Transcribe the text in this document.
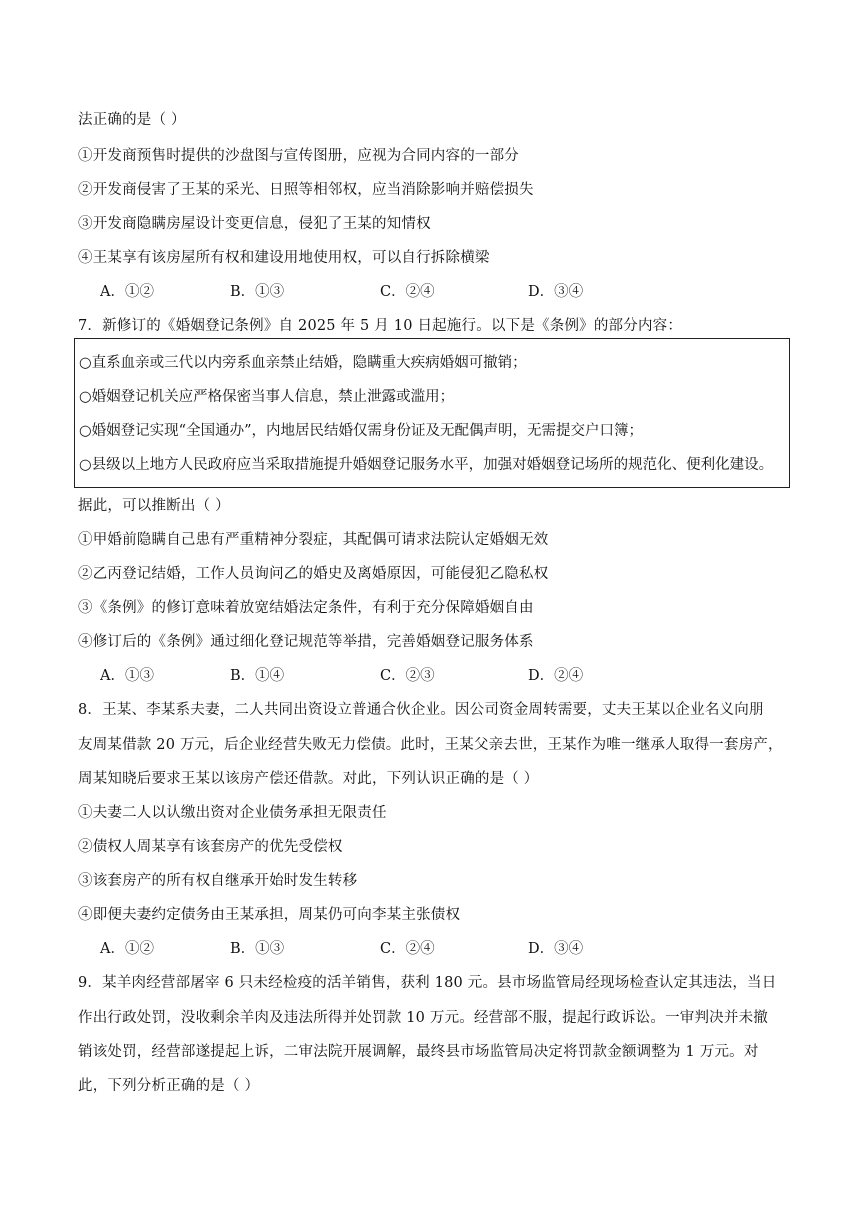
法正确的是（ ）
①开发商预售时提供的沙盘图与宣传图册，应视为合同内容的一部分
②开发商侵害了王某的采光、日照等相邻权，应当消除影响并赔偿损失
③开发商隐瞒房屋设计变更信息，侵犯了王某的知情权
④王某享有该房屋所有权和建设用地使用权，可以自行拆除横梁
A．①②	B．①③	C．②④	D．③④
7．新修订的《婚姻登记条例》自 2025 年 5 月 10 日起施行。以下是《条例》的部分内容：
○直系血亲或三代以内旁系血亲禁止结婚，隐瞒重大疾病婚姻可撤销；
○婚姻登记机关应严格保密当事人信息，禁止泄露或滥用；
○婚姻登记实现“全国通办”，内地居民结婚仅需身份证及无配偶声明，无需提交户口簿；
○县级以上地方人民政府应当采取措施提升婚姻登记服务水平，加强对婚姻登记场所的规范化、便利化建设。
据此，可以推断出（ ）
①甲婚前隐瞒自己患有严重精神分裂症，其配偶可请求法院认定婚姻无效
②乙丙登记结婚，工作人员询问乙的婚史及离婚原因，可能侵犯乙隐私权
③《条例》的修订意味着放宽结婚法定条件，有利于充分保障婚姻自由
④修订后的《条例》通过细化登记规范等举措，完善婚姻登记服务体系
A．①③	B．①④	C．②③	D．②④
8．王某、李某系夫妻，二人共同出资设立普通合伙企业。因公司资金周转需要，丈夫王某以企业名义向朋
友周某借款 20 万元，后企业经营失败无力偿债。此时，王某父亲去世，王某作为唯一继承人取得一套房产，
周某知晓后要求王某以该房产偿还借款。对此，下列认识正确的是（ ）
①夫妻二人以认缴出资对企业债务承担无限责任
②债权人周某享有该套房产的优先受偿权
③该套房产的所有权自继承开始时发生转移
④即便夫妻约定债务由王某承担，周某仍可向李某主张债权
A．①②	B．①③	C．②④	D．③④
9．某羊肉经营部屠宰 6 只未经检疫的活羊销售，获利 180 元。县市场监管局经现场检查认定其违法，当日
作出行政处罚，没收剩余羊肉及违法所得并处罚款 10 万元。经营部不服，提起行政诉讼。一审判决并未撤
销该处罚，经营部遂提起上诉，二审法院开展调解，最终县市场监管局决定将罚款金额调整为 1 万元。对
此，下列分析正确的是（ ）
